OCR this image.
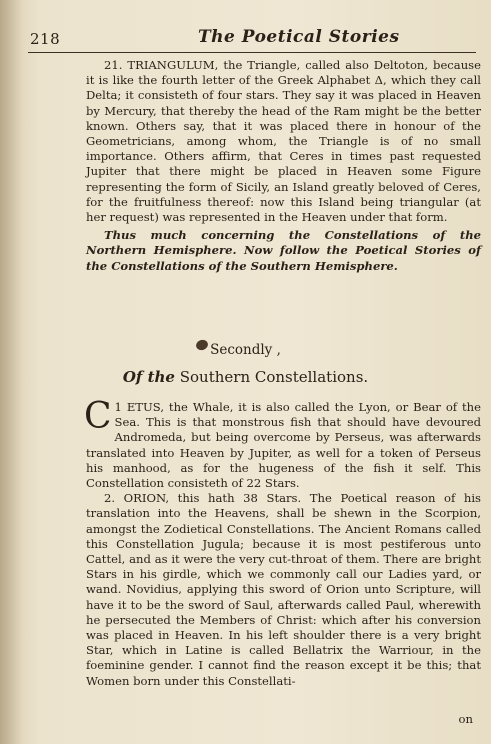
218	The Poetical Stories

21. TRIANGULUM, the Triangle, called also Deltoton, because it is like the fourth letter of the Greek Alphabet Δ, which they call Delta; it consisteth of four stars. They say it was placed in Heaven by Mercury, that thereby the head of the Ram might be the better known. Others say, that it was placed there in honour of the Geometricians, among whom, the Triangle is of no small importance. Others affirm, that Ceres in times past requested Jupiter that there might be placed in Heaven some Figure representing the form of Sicily, an Island greatly beloved of Ceres, for the fruitfulness thereof: now this Island being triangular (at her request) was represented in the Heaven under that form.

Thus much concerning the Constellations of the Northern Hemisphere. Now follow the Poetical Stories of the Constellations of the Southern Hemisphere.

Secondly ,
Of the Southern Constellations.

C 1 ETUS, the Whale, it is also called the Lyon, or Bear of the Sea. This is that monstrous fish that should have devoured Andromeda, but being overcome by Perseus, was afterwards translated into Heaven by Jupiter, as well for a token of Perseus his manhood, as for the hugeness of the fish it self. This Constellation consisteth of 22 Stars.

2. ORION, this hath 38 Stars. The Poetical reason of his translation into the Heavens, shall be shewn in the Scorpion, amongst the Zodietical Constellations. The Ancient Romans called this Constellation Jugula; because it is most pestiferous unto Cattel, and as it were the very cut-throat of them. There are bright Stars in his girdle, which we commonly call our Ladies yard, or wand. Novidius, applying this sword of Orion unto Scripture, will have it to be the sword of Saul, afterwards called Paul, wherewith he persecuted the Members of Christ: which after his conversion was placed in Heaven. In his left shoulder there is a very bright Star, which in Latine is called Bellatrix the Warriour, in the foeminine gender. I cannot find the reason except it be this; that Women born under this Constellati-

on
